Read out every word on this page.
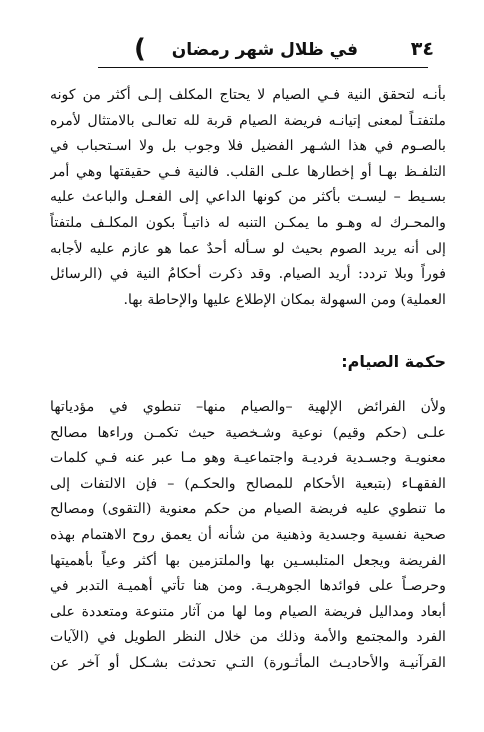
٣٤
) في ظلال شهر رمضان
بأنـه لتحقق النية فـي الصيام لا يحتاج المكلف إلـى أكثر من كونه
ملتفتـاً لمعنى إتيانـه فريضة الصيام قربة لله تعالـى بالامتثال لأمره
بالصـوم في هذا الشـهر الفضيل فلا وجوب بل ولا اسـتحباب في
التلفـظ بهـا أو إخطارها علـى القلب. فالنية فـي حقيقتها وهي أمر
بسـيط – ليسـت بأكثر من كونها الداعي إلى الفعـل والباعث عليه
والمحـرك له وهـو ما يمكـن التنبه له ذاتيـاً بكون المكلـف ملتفتاً
إلى أنه يريد الصوم بحيث لو سـأله أحدٌ عما هو عازم عليه لأجابه
فوراً وبلا تردد: أريد الصيام. وقد ذكرت أحكامُ النية في (الرسائل
العملية) ومن السهولة بمكان الإطلاع عليها والإحاطة بها.
حكمة الصيام:
ولأن الفرائض الإلهية –والصيام منها– تنطوي في مؤدياتها
علـى (حكم وقيم) نوعية وشـخصية حيث تكمـن وراءها مصالح
معنويـة وجسـدية فرديـة واجتماعيـة وهو مـا عبر عنه فـي كلمات
الفقهـاء (بتبعية الأحكام للمصالح والحكـم) – فإن الالتفات إلى
ما تنطوي عليه فريضة الصيام من حكم معنوية (التقوى) ومصالح
صحية نفسية وجسدية وذهنية من شأنه أن يعمق روح الاهتمام بهذه
الفريضة ويجعل المتلبسـين بها والملتزمين بها أكثر وعياً بأهميتها
وحرصـاً على فوائدها الجوهريـة. ومن هنا تأتي أهميـة التدبر في
أبعاد ومداليل فريضة الصيام وما لها من آثار متنوعة ومتعددة على
الفرد والمجتمع والأمة وذلك من خلال النظر الطويل في (الآيات
القرآنيـة والأحاديـث المأثـورة) التـي تحدثت بشـكل أو آخر عن
